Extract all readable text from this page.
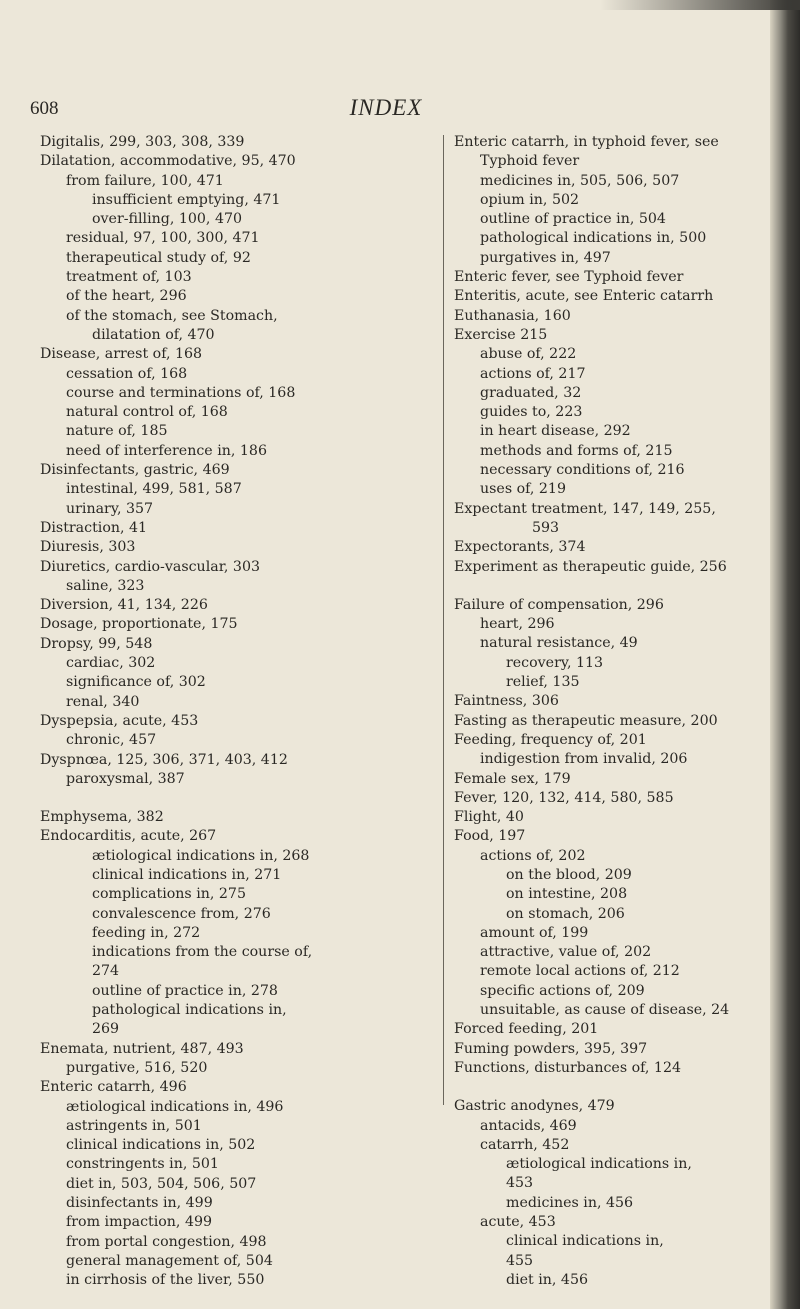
608	INDEX
Digitalis, 299, 303, 308, 339
Dilatation, accommodative, 95, 470
from failure, 100, 471
insufficient emptying, 471
over-filling, 100, 470
residual, 97, 100, 300, 471
therapeutical study of, 92
treatment of, 103
of the heart, 296
of the stomach, see Stomach,
dilatation of, 470
Disease, arrest of, 168
cessation of, 168
course and terminations of, 168
natural control of, 168
nature of, 185
need of interference in, 186
Disinfectants, gastric, 469
intestinal, 499, 581, 587
urinary, 357
Distraction, 41
Diuresis, 303
Diuretics, cardio-vascular, 303
saline, 323
Diversion, 41, 134, 226
Dosage, proportionate, 175
Dropsy, 99, 548
cardiac, 302
significance of, 302
renal, 340
Dyspepsia, acute, 453
chronic, 457
Dyspnœa, 125, 306, 371, 403, 412
paroxysmal, 387
Emphysema, 382
Endocarditis, acute, 267
ætiological indications in, 268
clinical indications in, 271
complications in, 275
convalescence from, 276
feeding in, 272
indications from the course of,
274
outline of practice in, 278
pathological indications in,
269
Enemata, nutrient, 487, 493
purgative, 516, 520
Enteric catarrh, 496
ætiological indications in, 496
astringents in, 501
clinical indications in, 502
constringents in, 501
diet in, 503, 504, 506, 507
disinfectants in, 499
from impaction, 499
from portal congestion, 498
general management of, 504
in cirrhosis of the liver, 550
Enteric catarrh, in typhoid fever, see
Typhoid fever
medicines in, 505, 506, 507
opium in, 502
outline of practice in, 504
pathological indications in, 500
purgatives in, 497
Enteric fever, see Typhoid fever
Enteritis, acute, see Enteric catarrh
Euthanasia, 160
Exercise 215
abuse of, 222
actions of, 217
graduated, 32
guides to, 223
in heart disease, 292
methods and forms of, 215
necessary conditions of, 216
uses of, 219
Expectant treatment, 147, 149, 255,
593
Expectorants, 374
Experiment as therapeutic guide, 256
Failure of compensation, 296
heart, 296
natural resistance, 49
recovery, 113
relief, 135
Faintness, 306
Fasting as therapeutic measure, 200
Feeding, frequency of, 201
indigestion from invalid, 206
Female sex, 179
Fever, 120, 132, 414, 580, 585
Flight, 40
Food, 197
actions of, 202
on the blood, 209
on intestine, 208
on stomach, 206
amount of, 199
attractive, value of, 202
remote local actions of, 212
specific actions of, 209
unsuitable, as cause of disease, 24
Forced feeding, 201
Fuming powders, 395, 397
Functions, disturbances of, 124
Gastric anodynes, 479
antacids, 469
catarrh, 452
ætiological indications in,
453
medicines in, 456
acute, 453
clinical indications in,
455
diet in, 456
